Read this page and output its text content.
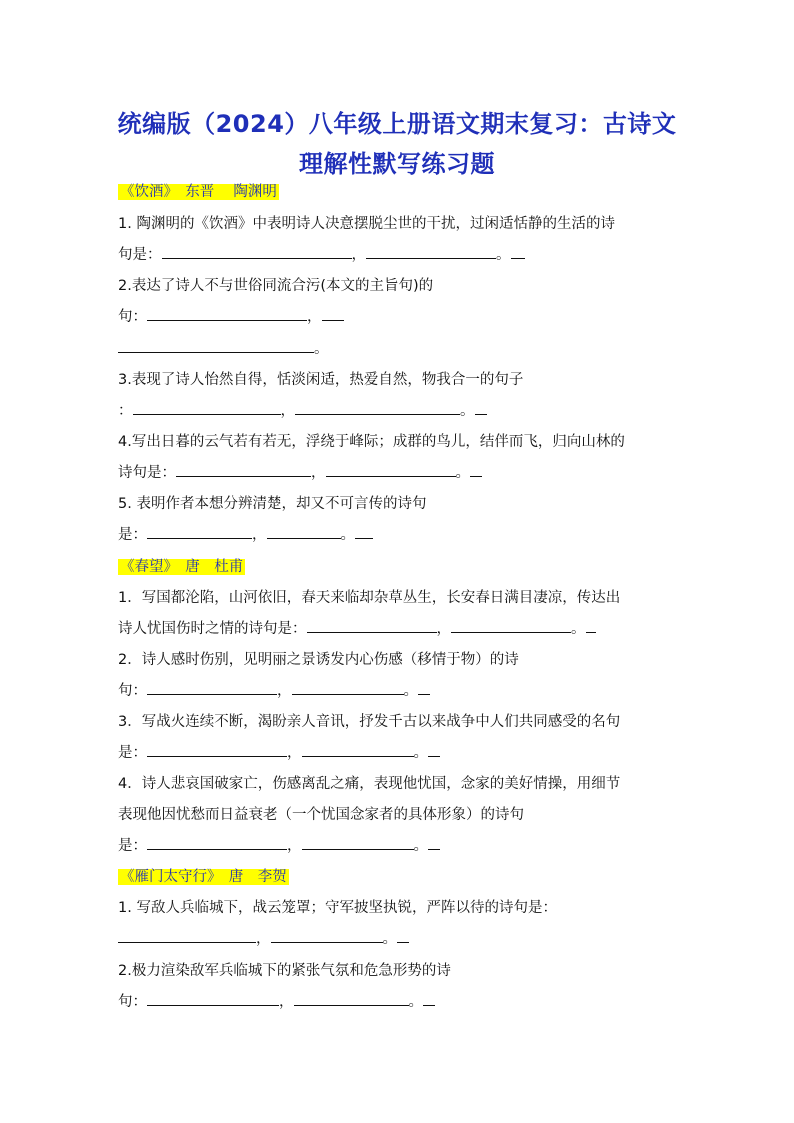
统编版（2024）八年级上册语文期末复习：古诗文
理解性默写练习题
《饮酒》　东晋　 陶渊明
1. 陶渊明的《饮酒》中表明诗人决意摆脱尘世的干扰，过闲适恬静的生活的诗
句是：	，	。
2.表达了诗人不与世俗同流合污(本文的主旨句)的
句：	，
。
3.表现了诗人怡然自得，恬淡闲适，热爱自然，物我合一的句子
：	，	。
4.写出日暮的云气若有若无，浮绕于峰际；成群的鸟儿，结伴而飞，归向山林的
诗句是：	，	。
5. 表明作者本想分辨清楚，却又不可言传的诗句
是：	，	。
《春望》　唐　杜甫
1．写国都沦陷，山河依旧，春天来临却杂草丛生，长安春日满目凄凉，传达出
诗人忧国伤时之情的诗句是：	，	。
2．诗人感时伤别，见明丽之景诱发内心伤感（移情于物）的诗
句：	，	。
3．写战火连续不断，渴盼亲人音讯，抒发千古以来战争中人们共同感受的名句
是：	，	。
4．诗人悲哀国破家亡，伤感离乱之痛，表现他忧国，念家的美好情操，用细节
表现他因忧愁而日益衰老（一个忧国念家者的具体形象）的诗句
是：	，	。
《雁门太守行》　唐　李贺
1. 写敌人兵临城下，战云笼罩；守军披坚执锐，严阵以待的诗句是：
，	。
2.极力渲染敌军兵临城下的紧张气氛和危急形势的诗
句：	，	。
